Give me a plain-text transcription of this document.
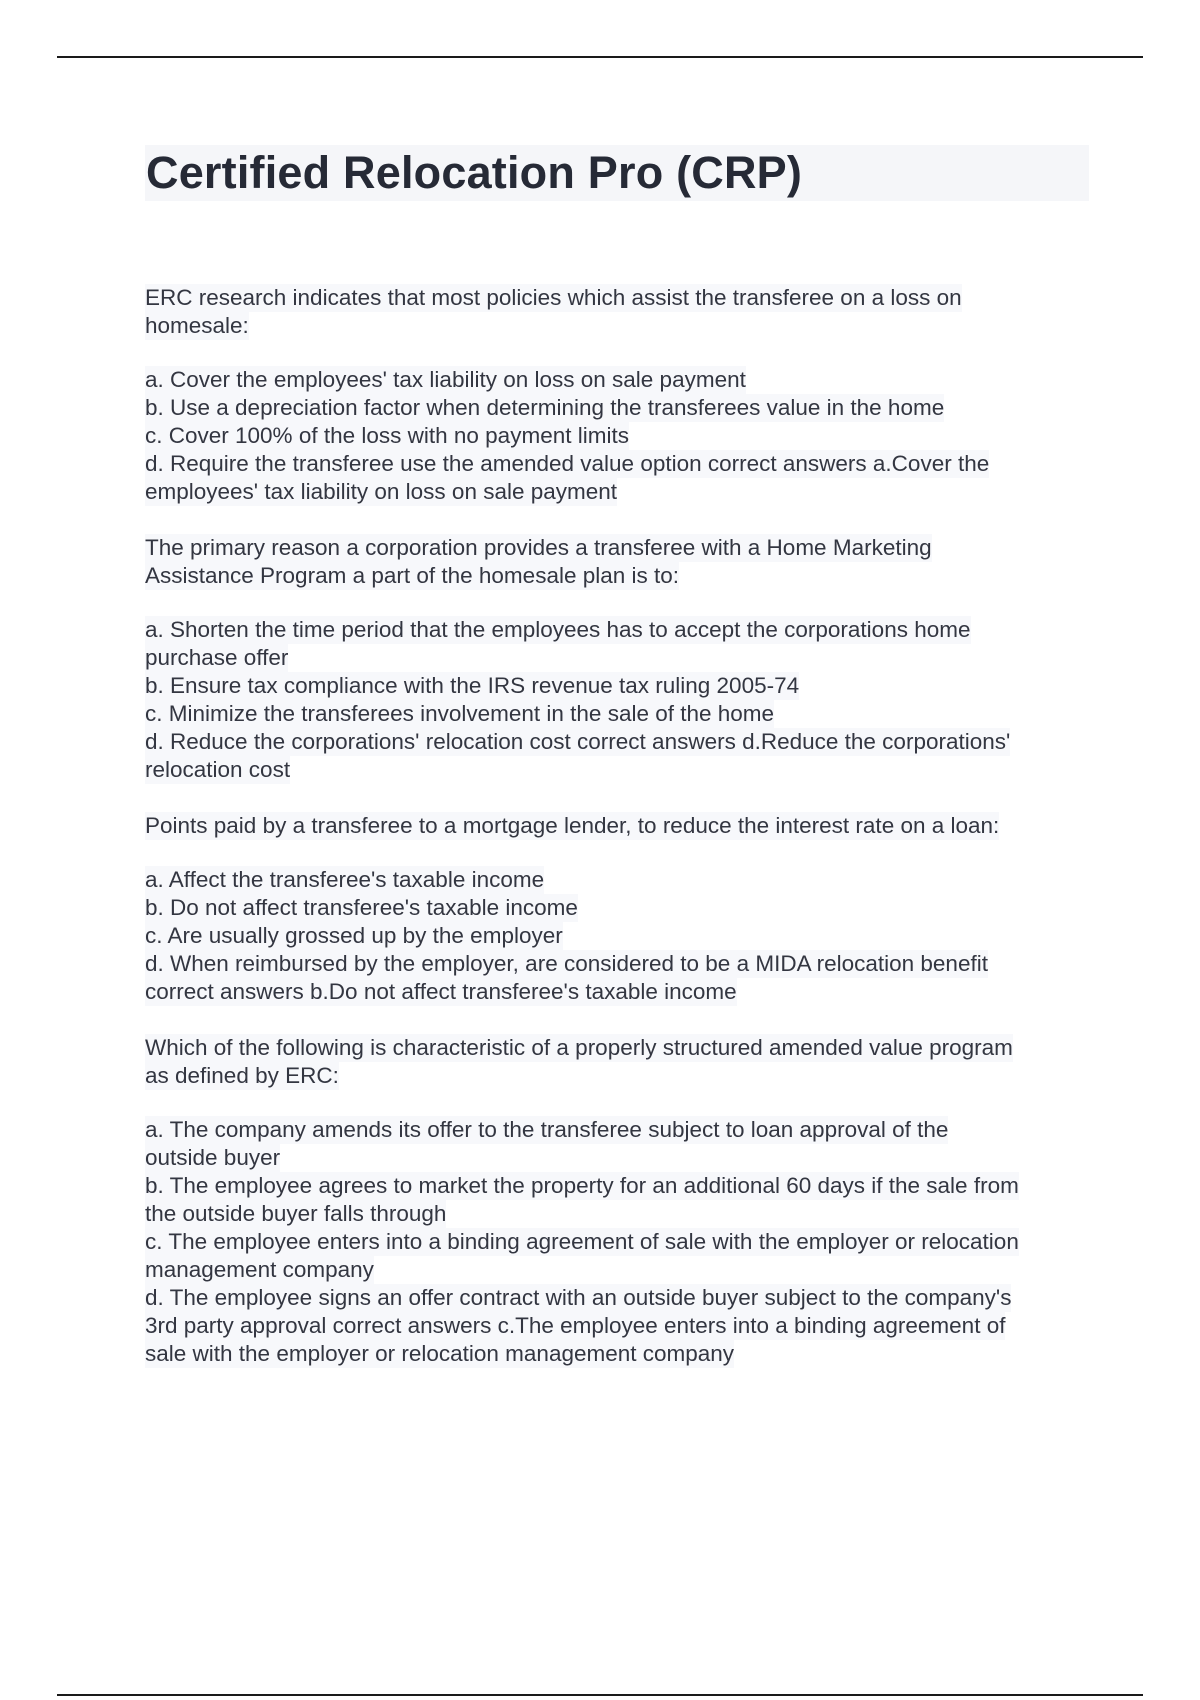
Certified Relocation Pro (CRP)
ERC research indicates that most policies which assist the transferee on a loss on
homesale:
a. Cover the employees' tax liability on loss on sale payment
b. Use a depreciation factor when determining the transferees value in the home
c. Cover 100% of the loss with no payment limits
d. Require the transferee use the amended value option correct answers a.Cover the
employees' tax liability on loss on sale payment
The primary reason a corporation provides a transferee with a Home Marketing
Assistance Program a part of the homesale plan is to:
a. Shorten the time period that the employees has to accept the corporations home
purchase offer
b. Ensure tax compliance with the IRS revenue tax ruling 2005-74
c. Minimize the transferees involvement in the sale of the home
d. Reduce the corporations' relocation cost correct answers d.Reduce the corporations'
relocation cost
Points paid by a transferee to a mortgage lender, to reduce the interest rate on a loan:
a. Affect the transferee's taxable income
b. Do not affect transferee's taxable income
c. Are usually grossed up by the employer
d. When reimbursed by the employer, are considered to be a MIDA relocation benefit
correct answers b.Do not affect transferee's taxable income
Which of the following is characteristic of a properly structured amended value program
as defined by ERC:
a. The company amends its offer to the transferee subject to loan approval of the
outside buyer
b. The employee agrees to market the property for an additional 60 days if the sale from
the outside buyer falls through
c. The employee enters into a binding agreement of sale with the employer or relocation
management company
d. The employee signs an offer contract with an outside buyer subject to the company's
3rd party approval correct answers c.The employee enters into a binding agreement of
sale with the employer or relocation management company
